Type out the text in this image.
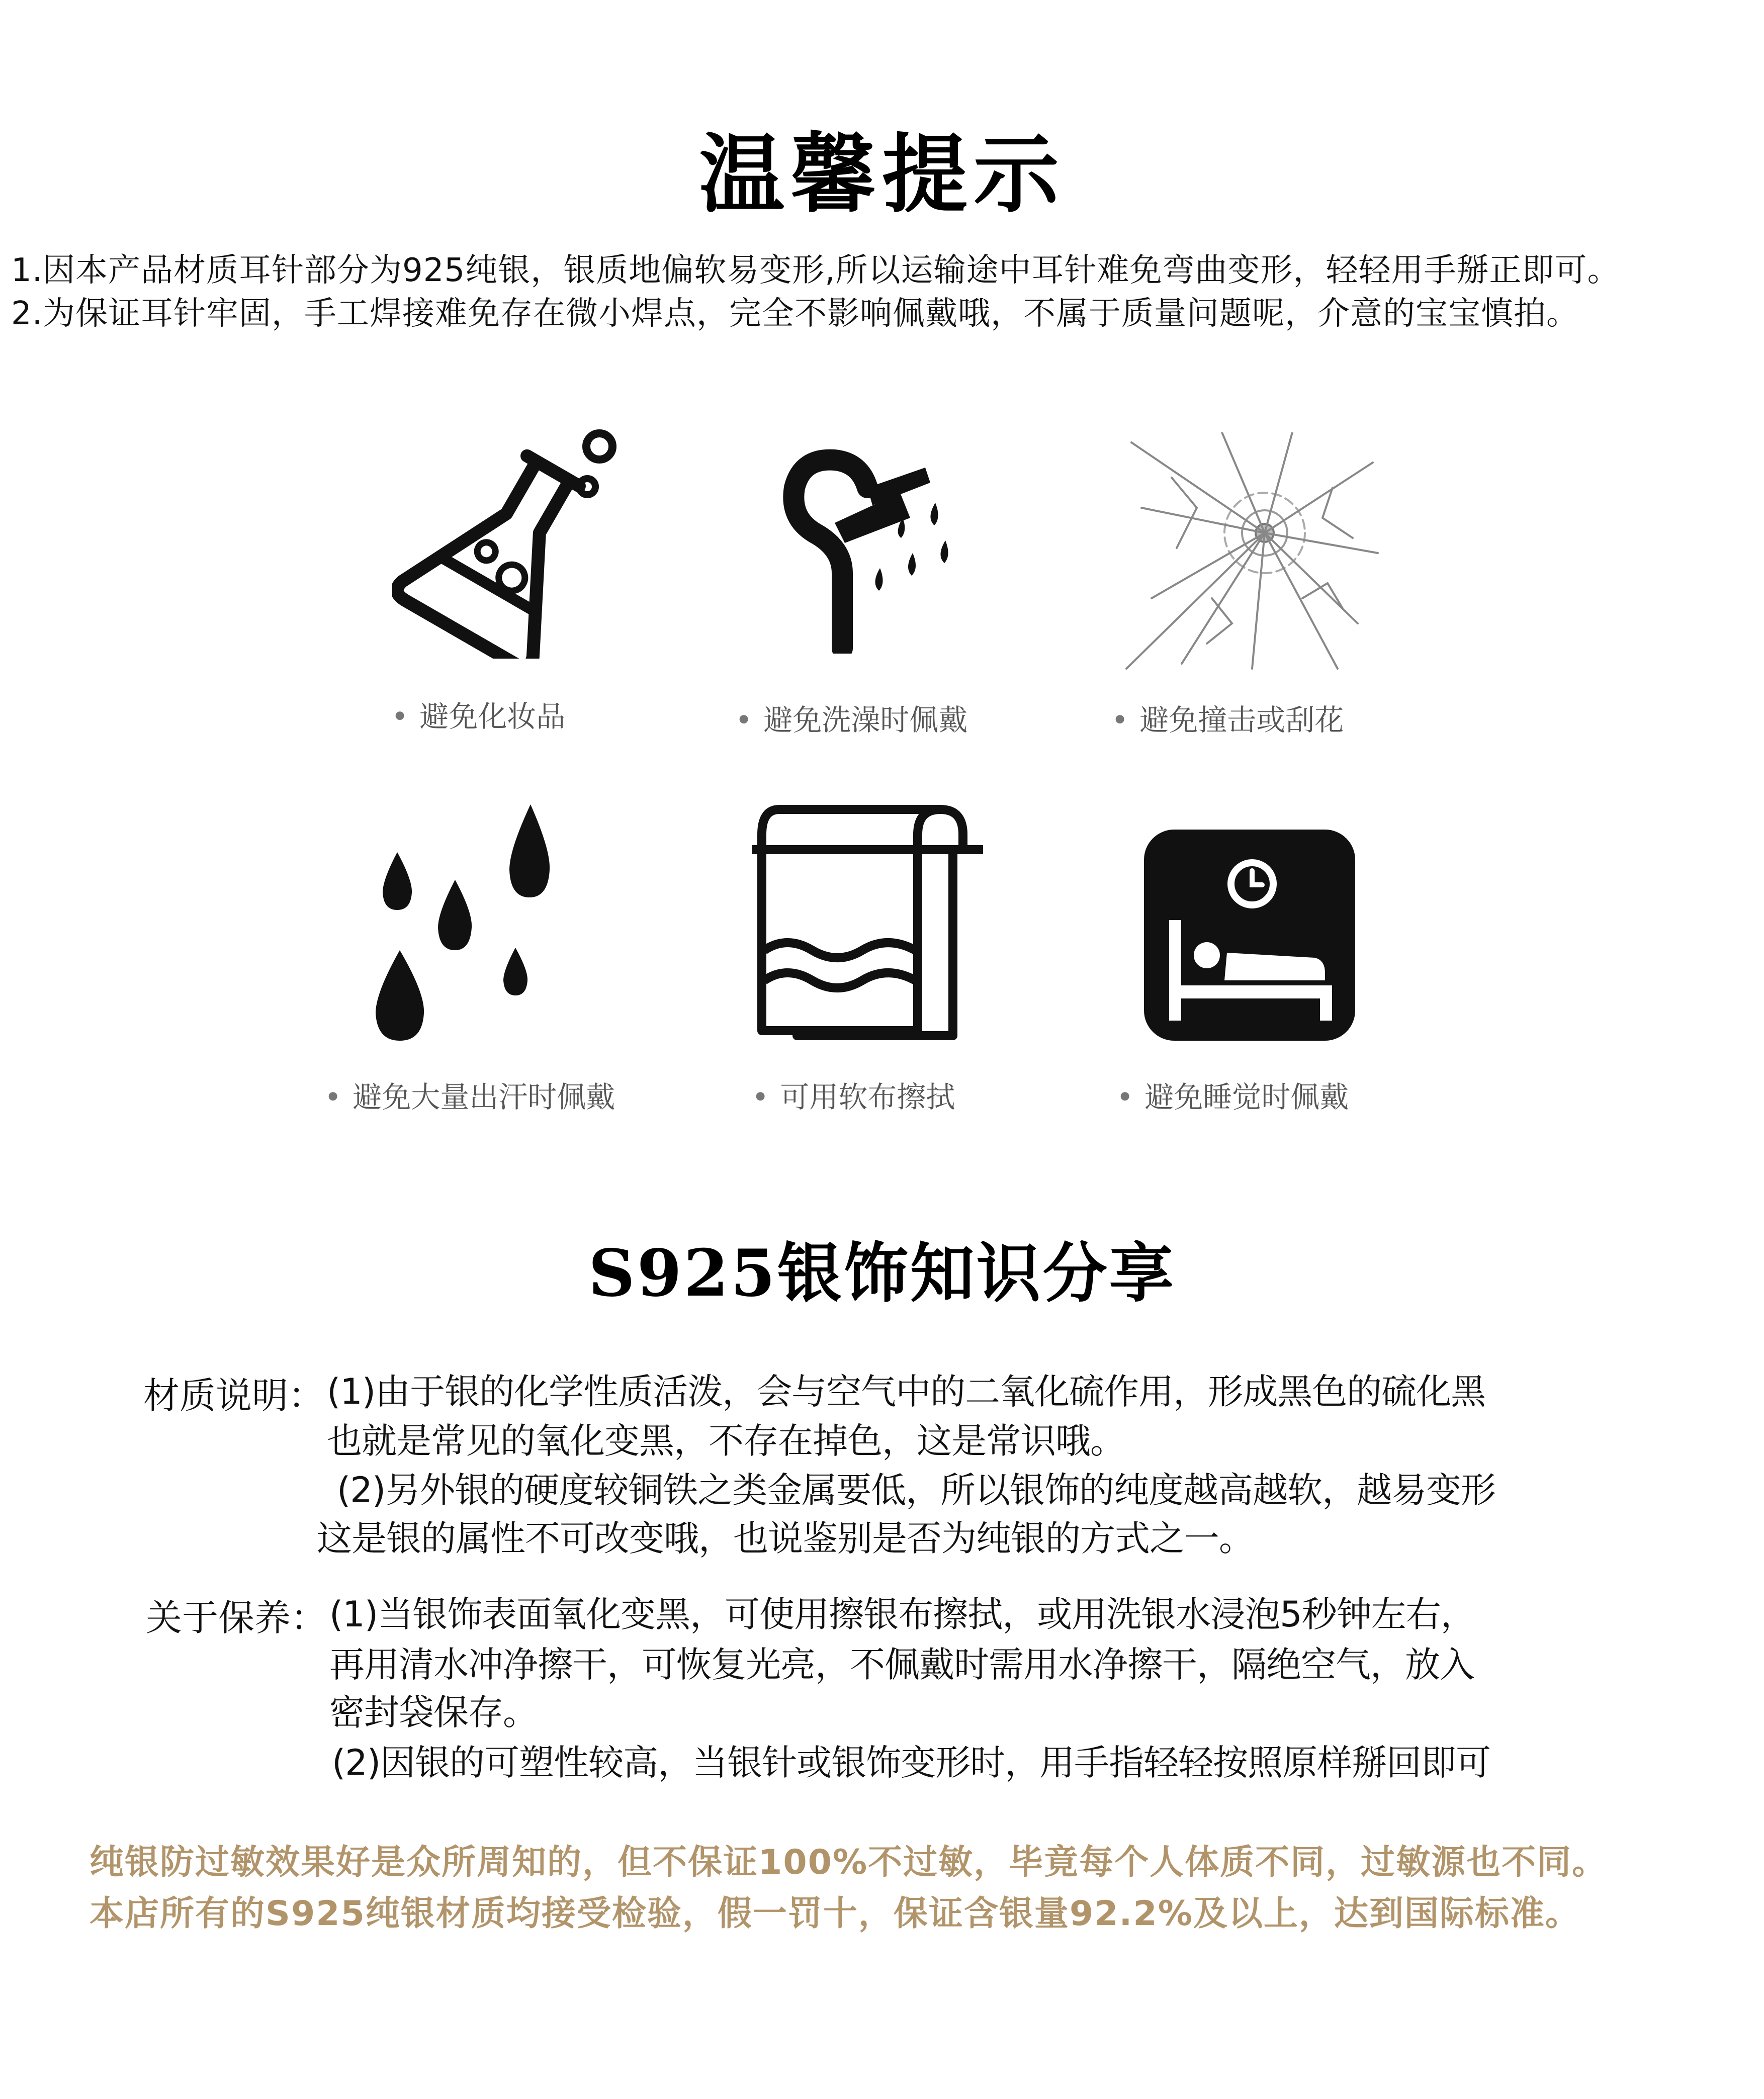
温馨提示
1.因本产品材质耳针部分为925纯银，银质地偏软易变形,所以运输途中耳针难免弯曲变形，轻轻用手掰正即可。
2.为保证耳针牢固，手工焊接难免存在微小焊点，完全不影响佩戴哦，不属于质量问题呢，介意的宝宝慎拍。
• 避免化妆品	• 避免洗澡时佩戴	• 避免撞击或刮花
• 避免大量出汗时佩戴	• 可用软布擦拭	• 避免睡觉时佩戴
S925银饰知识分享
材质说明： (1)由于银的化学性质活泼，会与空气中的二氧化硫作用，形成黑色的硫化黑
也就是常见的氧化变黑，不存在掉色，这是常识哦。
(2)另外银的硬度较铜铁之类金属要低，所以银饰的纯度越高越软，越易变形
这是银的属性不可改变哦，也说鉴别是否为纯银的方式之一。
关于保养： (1)当银饰表面氧化变黑，可使用擦银布擦拭，或用洗银水浸泡5秒钟左右，
再用清水冲净擦干，可恢复光亮，不佩戴时需用水净擦干，隔绝空气，放入
密封袋保存。
(2)因银的可塑性较高，当银针或银饰变形时，用手指轻轻按照原样掰回即可
纯银防过敏效果好是众所周知的，但不保证100%不过敏，毕竟每个人体质不同，过敏源也不同。
本店所有的S925纯银材质均接受检验，假一罚十，保证含银量92.2%及以上，达到国际标准。
